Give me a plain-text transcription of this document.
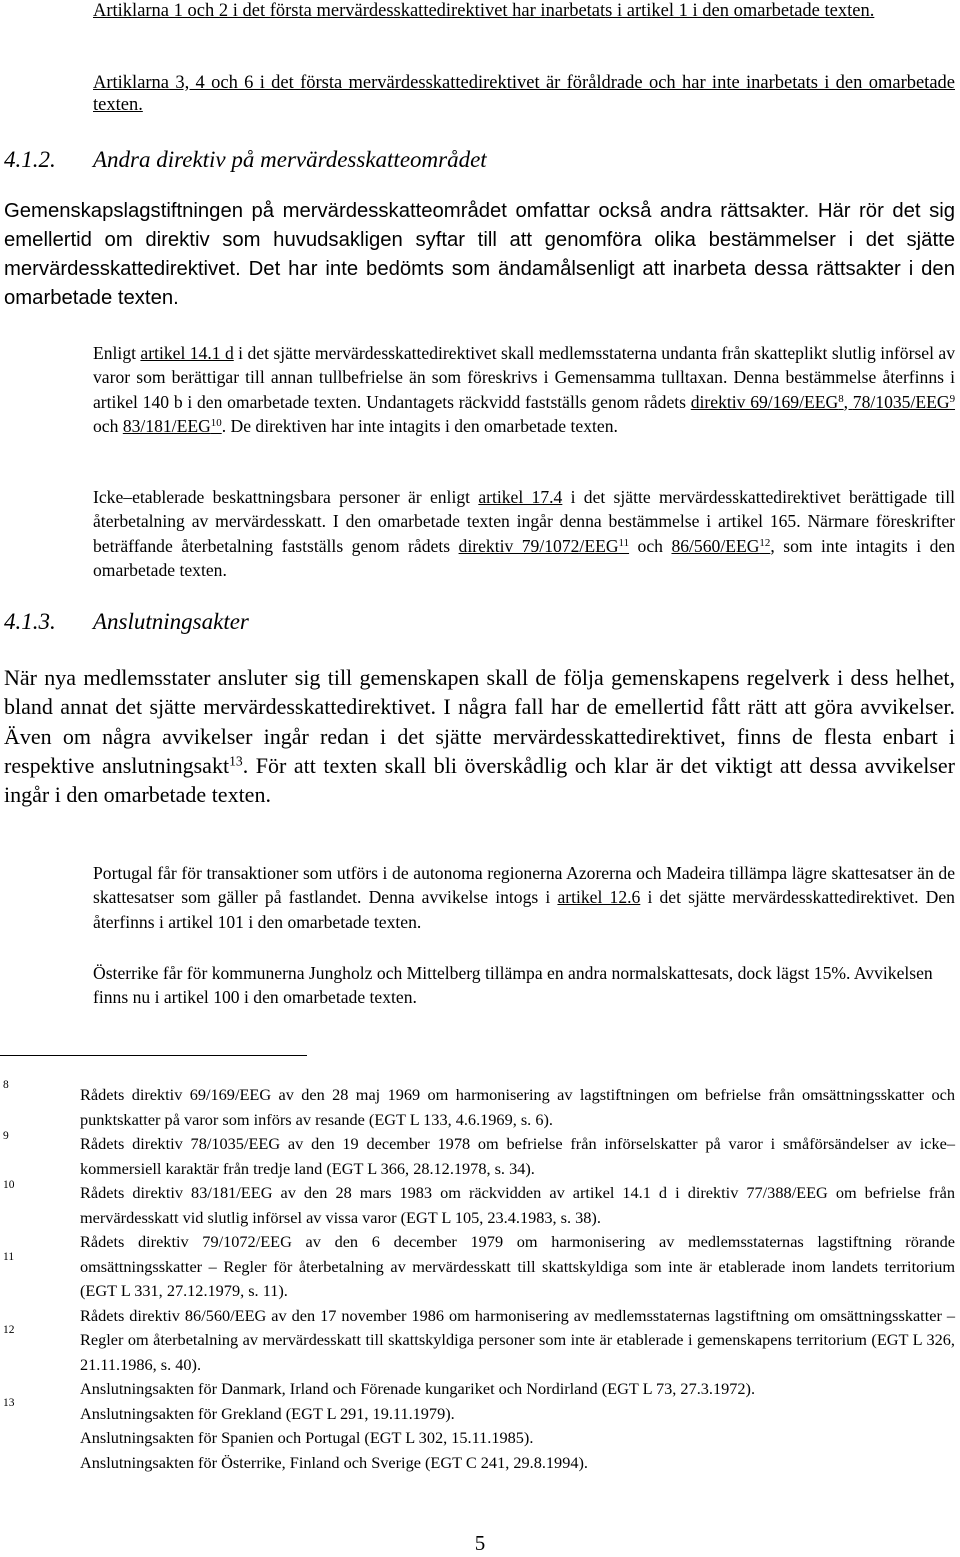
Artiklarna 1 och 2 i det första mervärdesskattedirektivet har inarbetats i artikel 1 i den omarbetade texten.

Artiklarna 3, 4 och 6 i det första mervärdesskattedirektivet är föråldrade och har inte inarbetats i den omarbetade texten.

4.1.2. Andra direktiv på mervärdesskatteområdet

Gemenskapslagstiftningen på mervärdesskatteområdet omfattar också andra rättsakter. Här rör det sig emellertid om direktiv som huvudsakligen syftar till att genomföra olika bestämmelser i det sjätte mervärdesskattedirektivet. Det har inte bedömts som ändamålsenligt att inarbeta dessa rättsakter i den omarbetade texten.

Enligt artikel 14.1 d i det sjätte mervärdesskattedirektivet skall medlemsstaterna undanta från skatteplikt slutlig införsel av varor som berättigar till annan tullbefrielse än som föreskrivs i Gemensamma tulltaxan. Denna bestämmelse återfinns i artikel 140 b i den omarbetade texten. Undantagets räckvidd fastställs genom rådets direktiv 69/169/EEG$^8$, 78/1035/EEG$^9$ och 83/181/EEG$^{10}$. De direktiven har inte intagits i den omarbetade texten.

Icke–etablerade beskattningsbara personer är enligt artikel 17.4 i det sjätte mervärdesskattedirektivet berättigade till återbetalning av mervärdesskatt. I den omarbetade texten ingår denna bestämmelse i artikel 165. Närmare föreskrifter beträffande återbetalning fastställs genom rådets direktiv 79/1072/EEG$^{11}$ och 86/560/EEG$^{12}$, som inte intagits i den omarbetade texten.

4.1.3. Anslutningsakter

När nya medlemsstater ansluter sig till gemenskapen skall de följa gemenskapens regelverk i dess helhet, bland annat det sjätte mervärdesskattedirektivet. I några fall har de emellertid fått rätt att göra avvikelser. Även om några avvikelser ingår redan i det sjätte mervärdesskattedirektivet, finns de flesta enbart i respektive anslutningsakt$^{13}$. För att texten skall bli överskådlig och klar är det viktigt att dessa avvikelser ingår i den omarbetade texten.

Portugal får för transaktioner som utförs i de autonoma regionerna Azorerna och Madeira tillämpa lägre skattesatser än de skattesatser som gäller på fastlandet. Denna avvikelse intogs i artikel 12.6 i det sjätte mervärdesskattedirektivet. Den återfinns i artikel 101 i den omarbetade texten.

Österrike får för kommunerna Jungholz och Mittelberg tillämpa en andra normalskattesats, dock lägst 15%. Avvikelsen finns nu i artikel 100 i den omarbetade texten.

8
9
10
11
12
13

Rådets direktiv 69/169/EEG av den 28 maj 1969 om harmonisering av lagstiftningen om befrielse från omsättningsskatter och punktskatter på varor som införs av resande (EGT L 133, 4.6.1969, s. 6).

Rådets direktiv 78/1035/EEG av den 19 december 1978 om befrielse från införselskatter på varor i småförsändelser av icke–kommersiell karaktär från tredje land (EGT L 366, 28.12.1978, s. 34).

Rådets direktiv 83/181/EEG av den 28 mars 1983 om räckvidden av artikel 14.1 d i direktiv 77/388/EEG om befrielse från mervärdesskatt vid slutlig införsel av vissa varor (EGT L 105, 23.4.1983, s. 38).

Rådets direktiv 79/1072/EEG av den 6 december 1979 om harmonisering av medlemsstaternas lagstiftning rörande omsättningsskatter – Regler för återbetalning av mervärdesskatt till skattskyldiga som inte är etablerade inom landets territorium (EGT L 331, 27.12.1979, s. 11).

Rådets direktiv 86/560/EEG av den 17 november 1986 om harmonisering av medlemsstaternas lagstiftning om omsättningsskatter – Regler om återbetalning av mervärdesskatt till skattskyldiga personer som inte är etablerade i gemenskapens territorium (EGT L 326, 21.11.1986, s. 40).

Anslutningsakten för Danmark, Irland och Förenade kungariket och Nordirland (EGT L 73, 27.3.1972).

Anslutningsakten för Grekland (EGT L 291, 19.11.1979).

Anslutningsakten för Spanien och Portugal (EGT L 302, 15.11.1985).

Anslutningsakten för Österrike, Finland och Sverige (EGT C 241, 29.8.1994).

5
